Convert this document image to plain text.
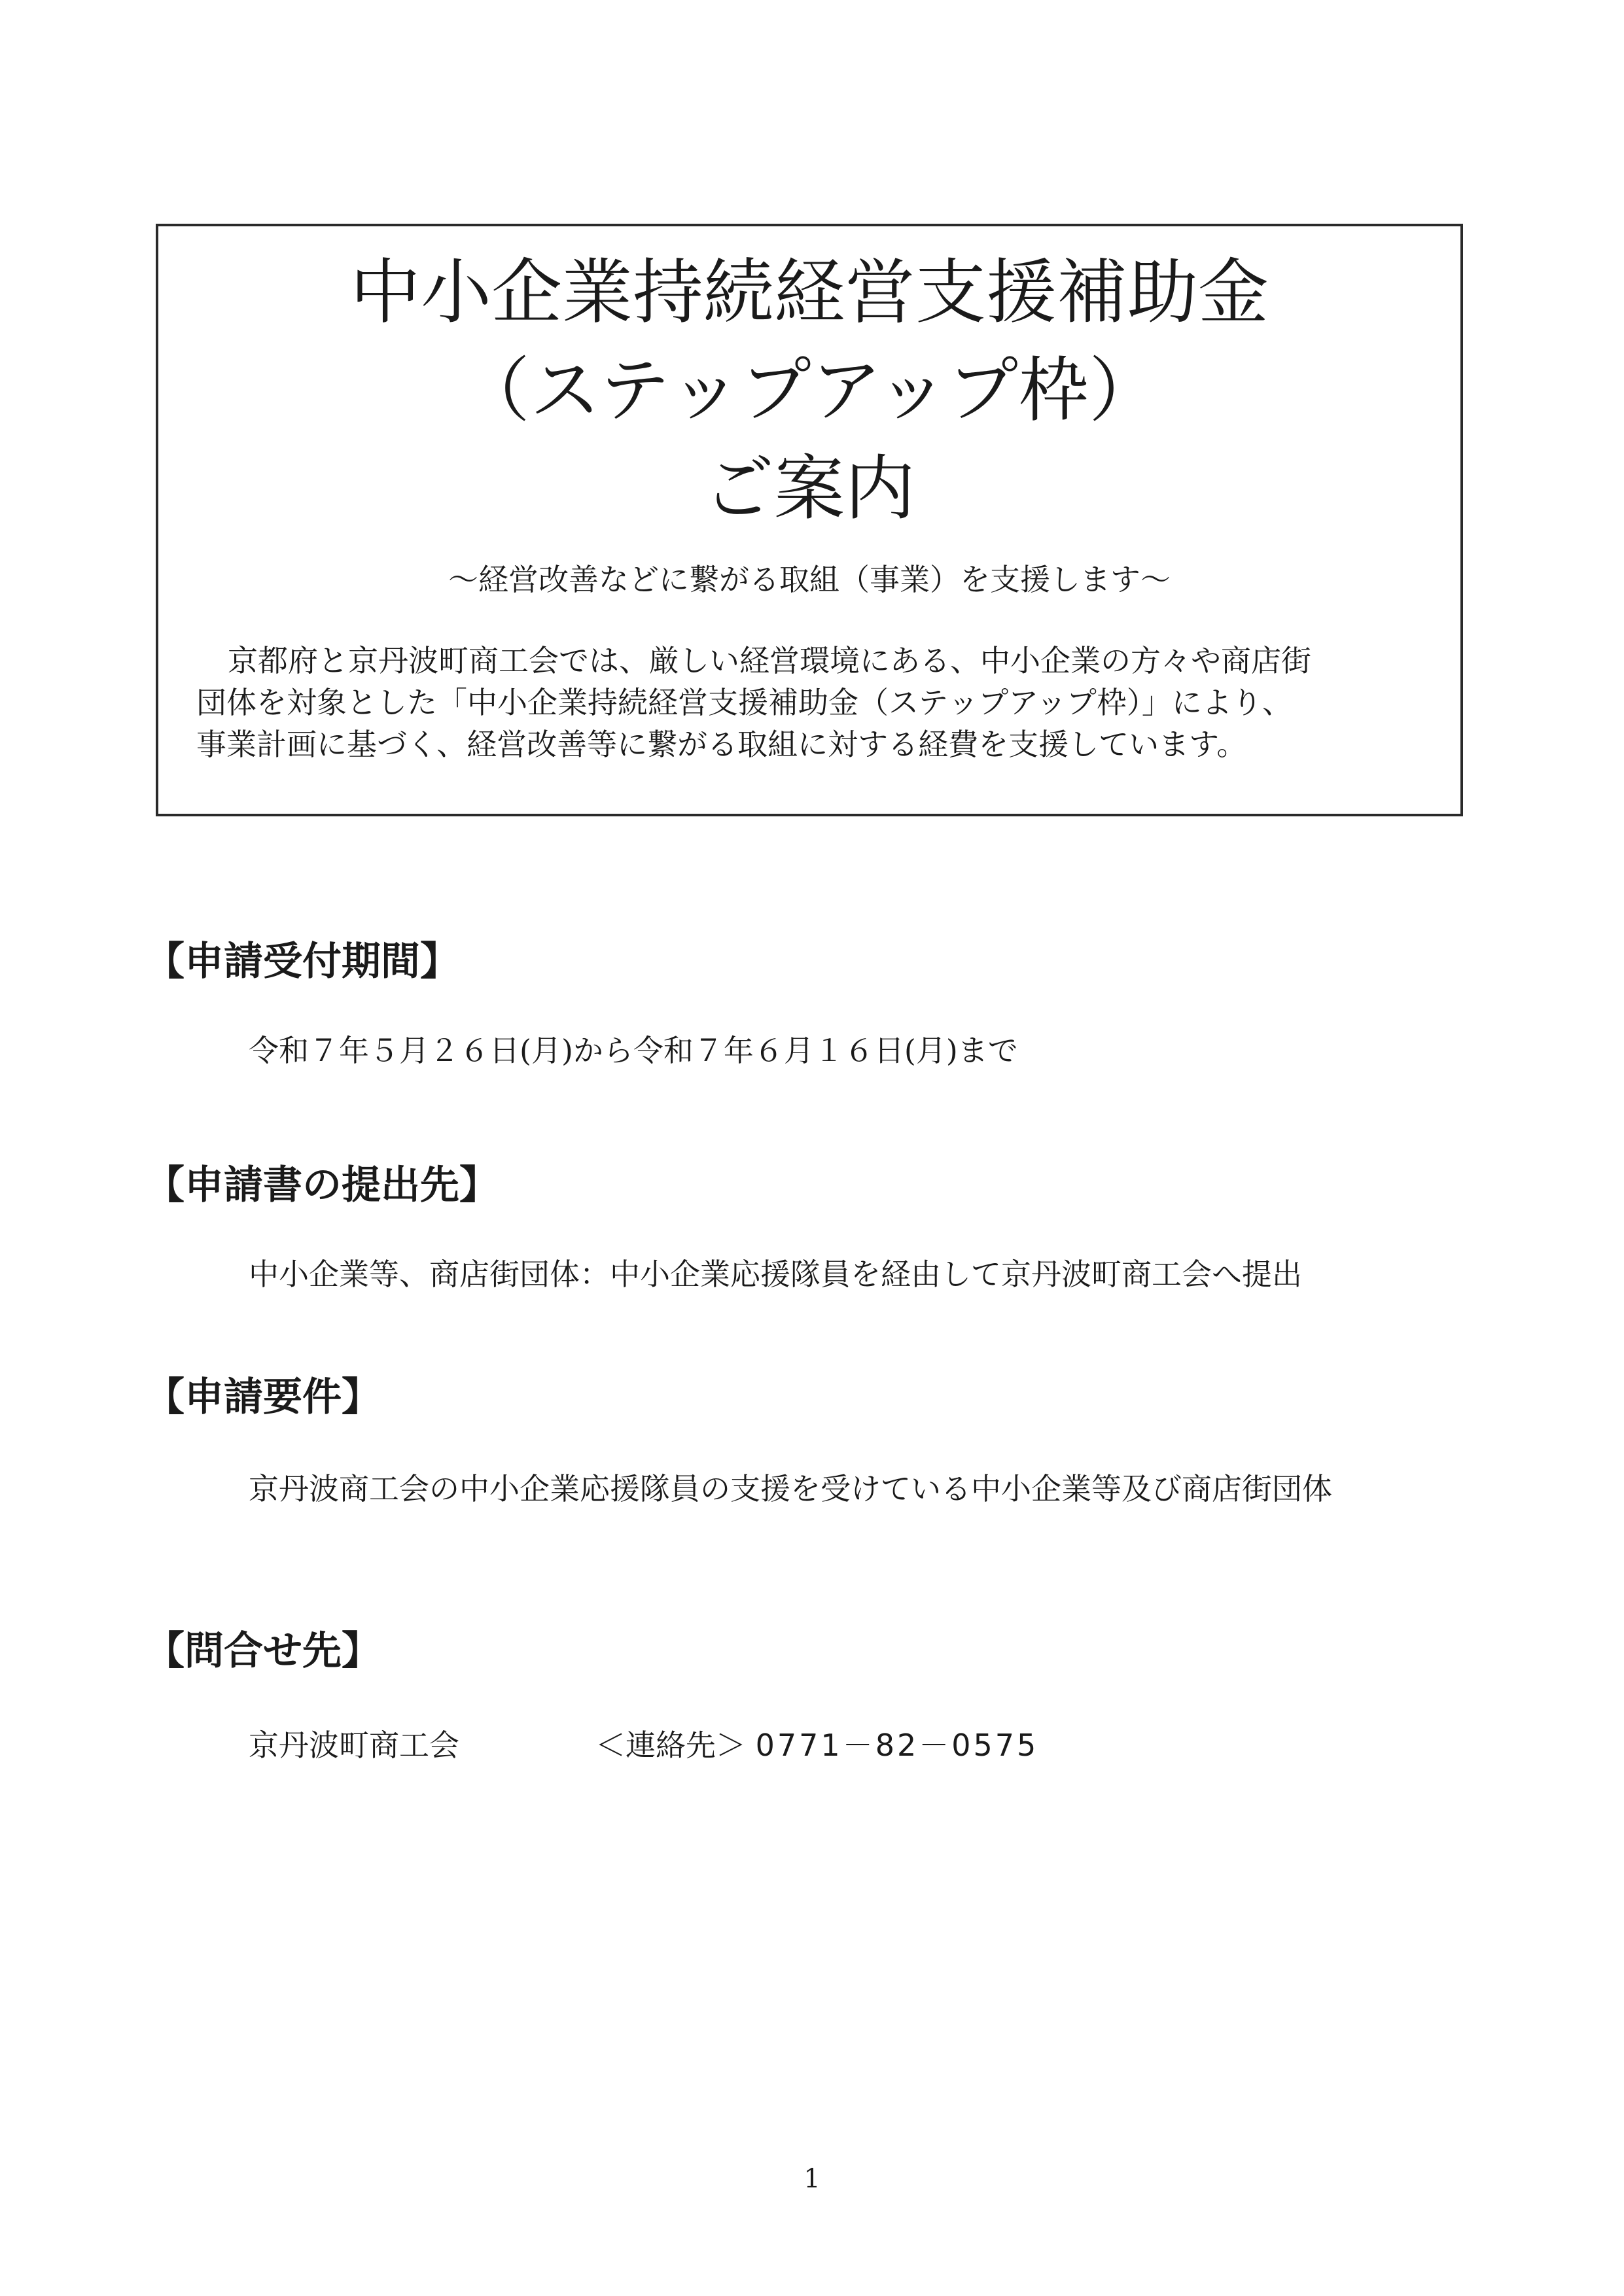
中小企業持続経営支援補助金
（ステップアップ枠）
ご案内
～経営改善などに繋がる取組（事業）を支援します～
京都府と京丹波町商工会では、厳しい経営環境にある、中小企業の方々や商店街
団体を対象とした「中小企業持続経営支援補助金（ステップアップ枠）」により、
事業計画に基づく、経営改善等に繋がる取組に対する経費を支援しています。
【申請受付期間】

令和７年５月２６日(月)から令和７年６月１６日(月)まで

【申請書の提出先】

中小企業等、商店街団体：中小企業応援隊員を経由して京丹波町商工会へ提出

【申請要件】

京丹波商工会の中小企業応援隊員の支援を受けている中小企業等及び商店街団体

【問合せ先】
京丹波町商工会	＜連絡先＞ 0771－82－0575
1
